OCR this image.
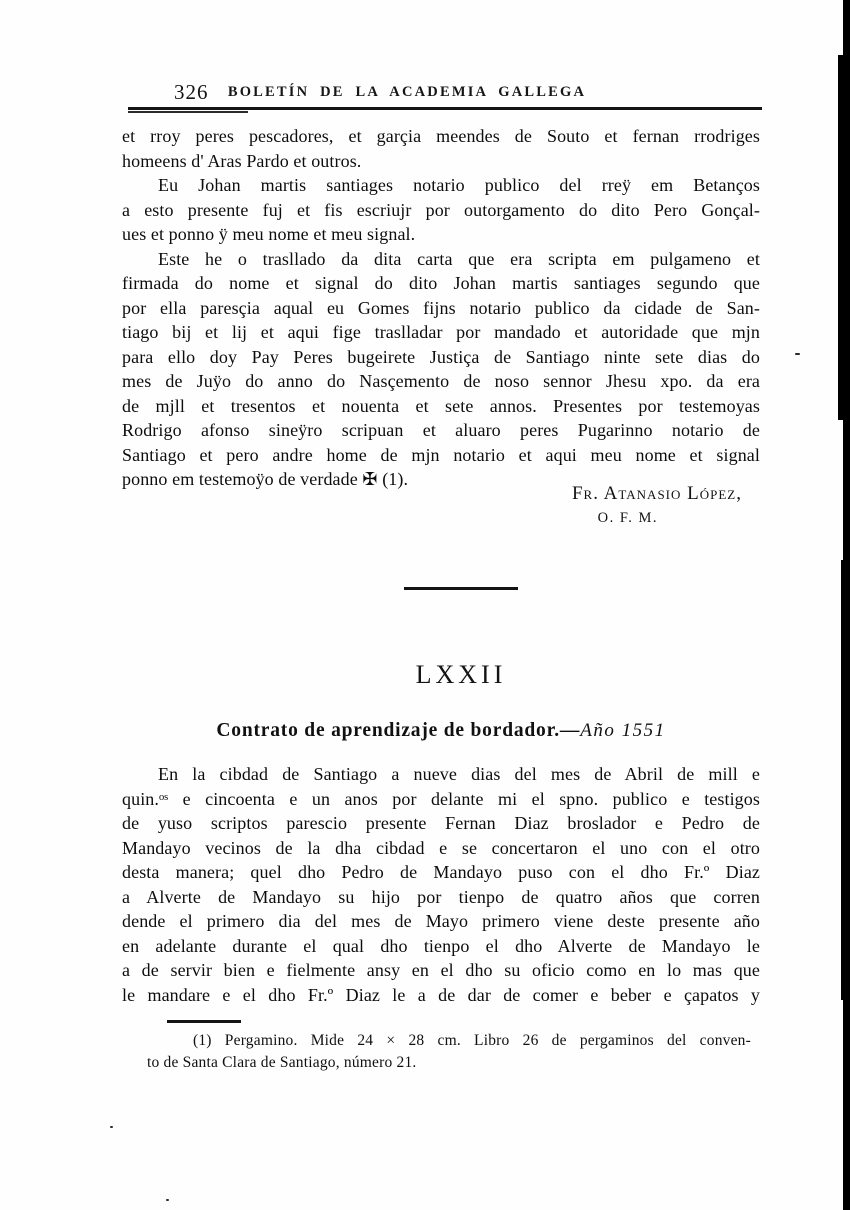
326 BOLETÍN DE LA ACADEMIA GALLEGA
et rroy peres pescadores, et garçia meendes de Souto et fernan rrodriges
homeens d' Aras Pardo et outros.
Eu Johan martis santiages notario publico del rreÿ em Betanços
a esto presente fuj et fis escriujr por outorgamento do dito Pero Gonçal-
ues et ponno ÿ meu nome et meu signal.
Este he o trasllado da dita carta que era scripta em pulgameno et
firmada do nome et signal do dito Johan martis santiages segundo que
por ella paresçia aqual eu Gomes fijns notario publico da cidade de San-
tiago bij et lij et aqui fige traslladar por mandado et autoridade que mjn
para ello doy Pay Peres bugeirete Justiça de Santiago ninte sete dias do
mes de Juÿo do anno do Nasçemento de noso sennor Jhesu xpo. da era
de mjll et tresentos et nouenta et sete annos. Presentes por testemoyas
Rodrigo afonso sineÿro scripuan et aluaro peres Pugarinno notario de
Santiago et pero andre home de mjn notario et aqui meu nome et signal
ponno em testemoÿo de verdade ✠ (1).
Fr. Atanasio López,
O. F. M.
LXXII
Contrato de aprendizaje de bordador.—Año 1551
En la cibdad de Santiago a nueve dias del mes de Abril de mill e
quin.ᵒˢ e cincoenta e un anos por delante mi el spno. publico e testigos
de yuso scriptos parescio presente Fernan Diaz broslador e Pedro de
Mandayo vecinos de la dha cibdad e se concertaron el uno con el otro
desta manera; quel dho Pedro de Mandayo puso con el dho Fr.º Diaz
a Alverte de Mandayo su hijo por tienpo de quatro años que corren
dende el primero dia del mes de Mayo primero viene deste presente año
en adelante durante el qual dho tienpo el dho Alverte de Mandayo le
a de servir bien e fielmente ansy en el dho su oficio como en lo mas que
le mandare e el dho Fr.º Diaz le a de dar de comer e beber e çapatos y
(1) Pergamino. Mide 24 × 28 cm. Libro 26 de pergaminos del conven-
to de Santa Clara de Santiago, número 21.
